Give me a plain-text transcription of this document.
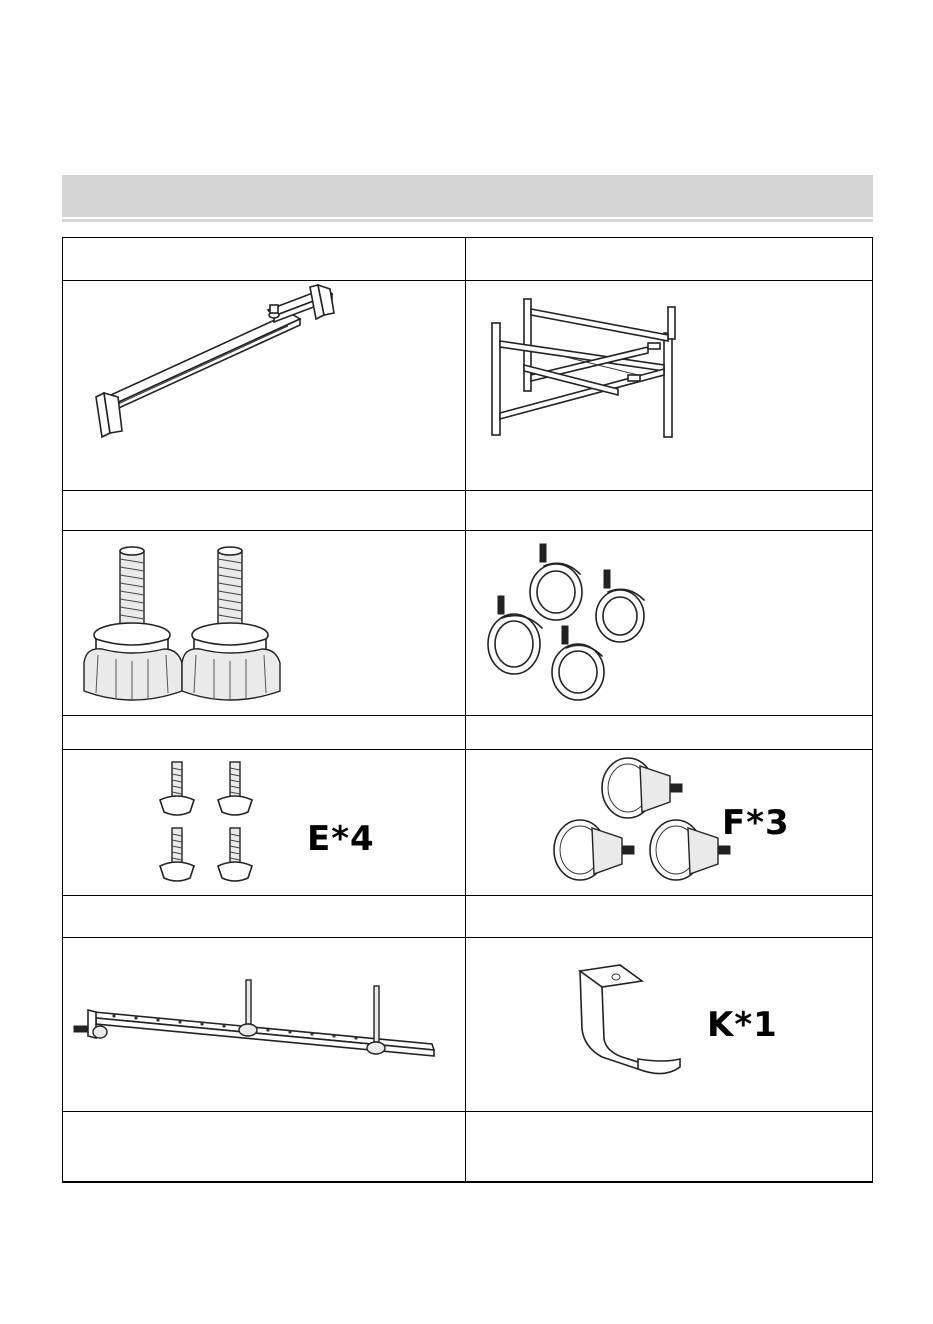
E*4	F*3
K*1
